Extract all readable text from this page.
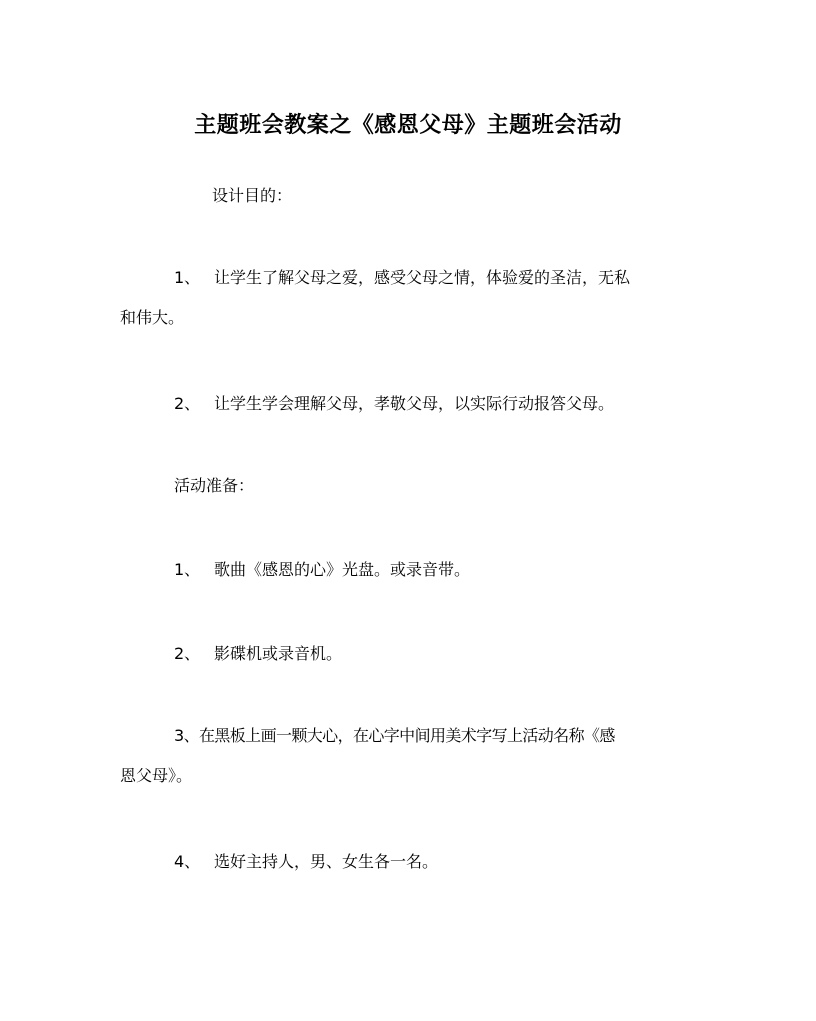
主题班会教案之《感恩父母》主题班会活动
设计目的：
1、 让学生了解父母之爱，感受父母之情，体验爱的圣洁，无私
和伟大。
2、 让学生学会理解父母，孝敬父母，以实际行动报答父母。
活动准备：
1、 歌曲《感恩的心》光盘。或录音带。
2、 影碟机或录音机。
3、在黑板上画一颗大心，在心字中间用美术字写上活动名称《感
恩父母》。
4、 选好主持人，男、女生各一名。
